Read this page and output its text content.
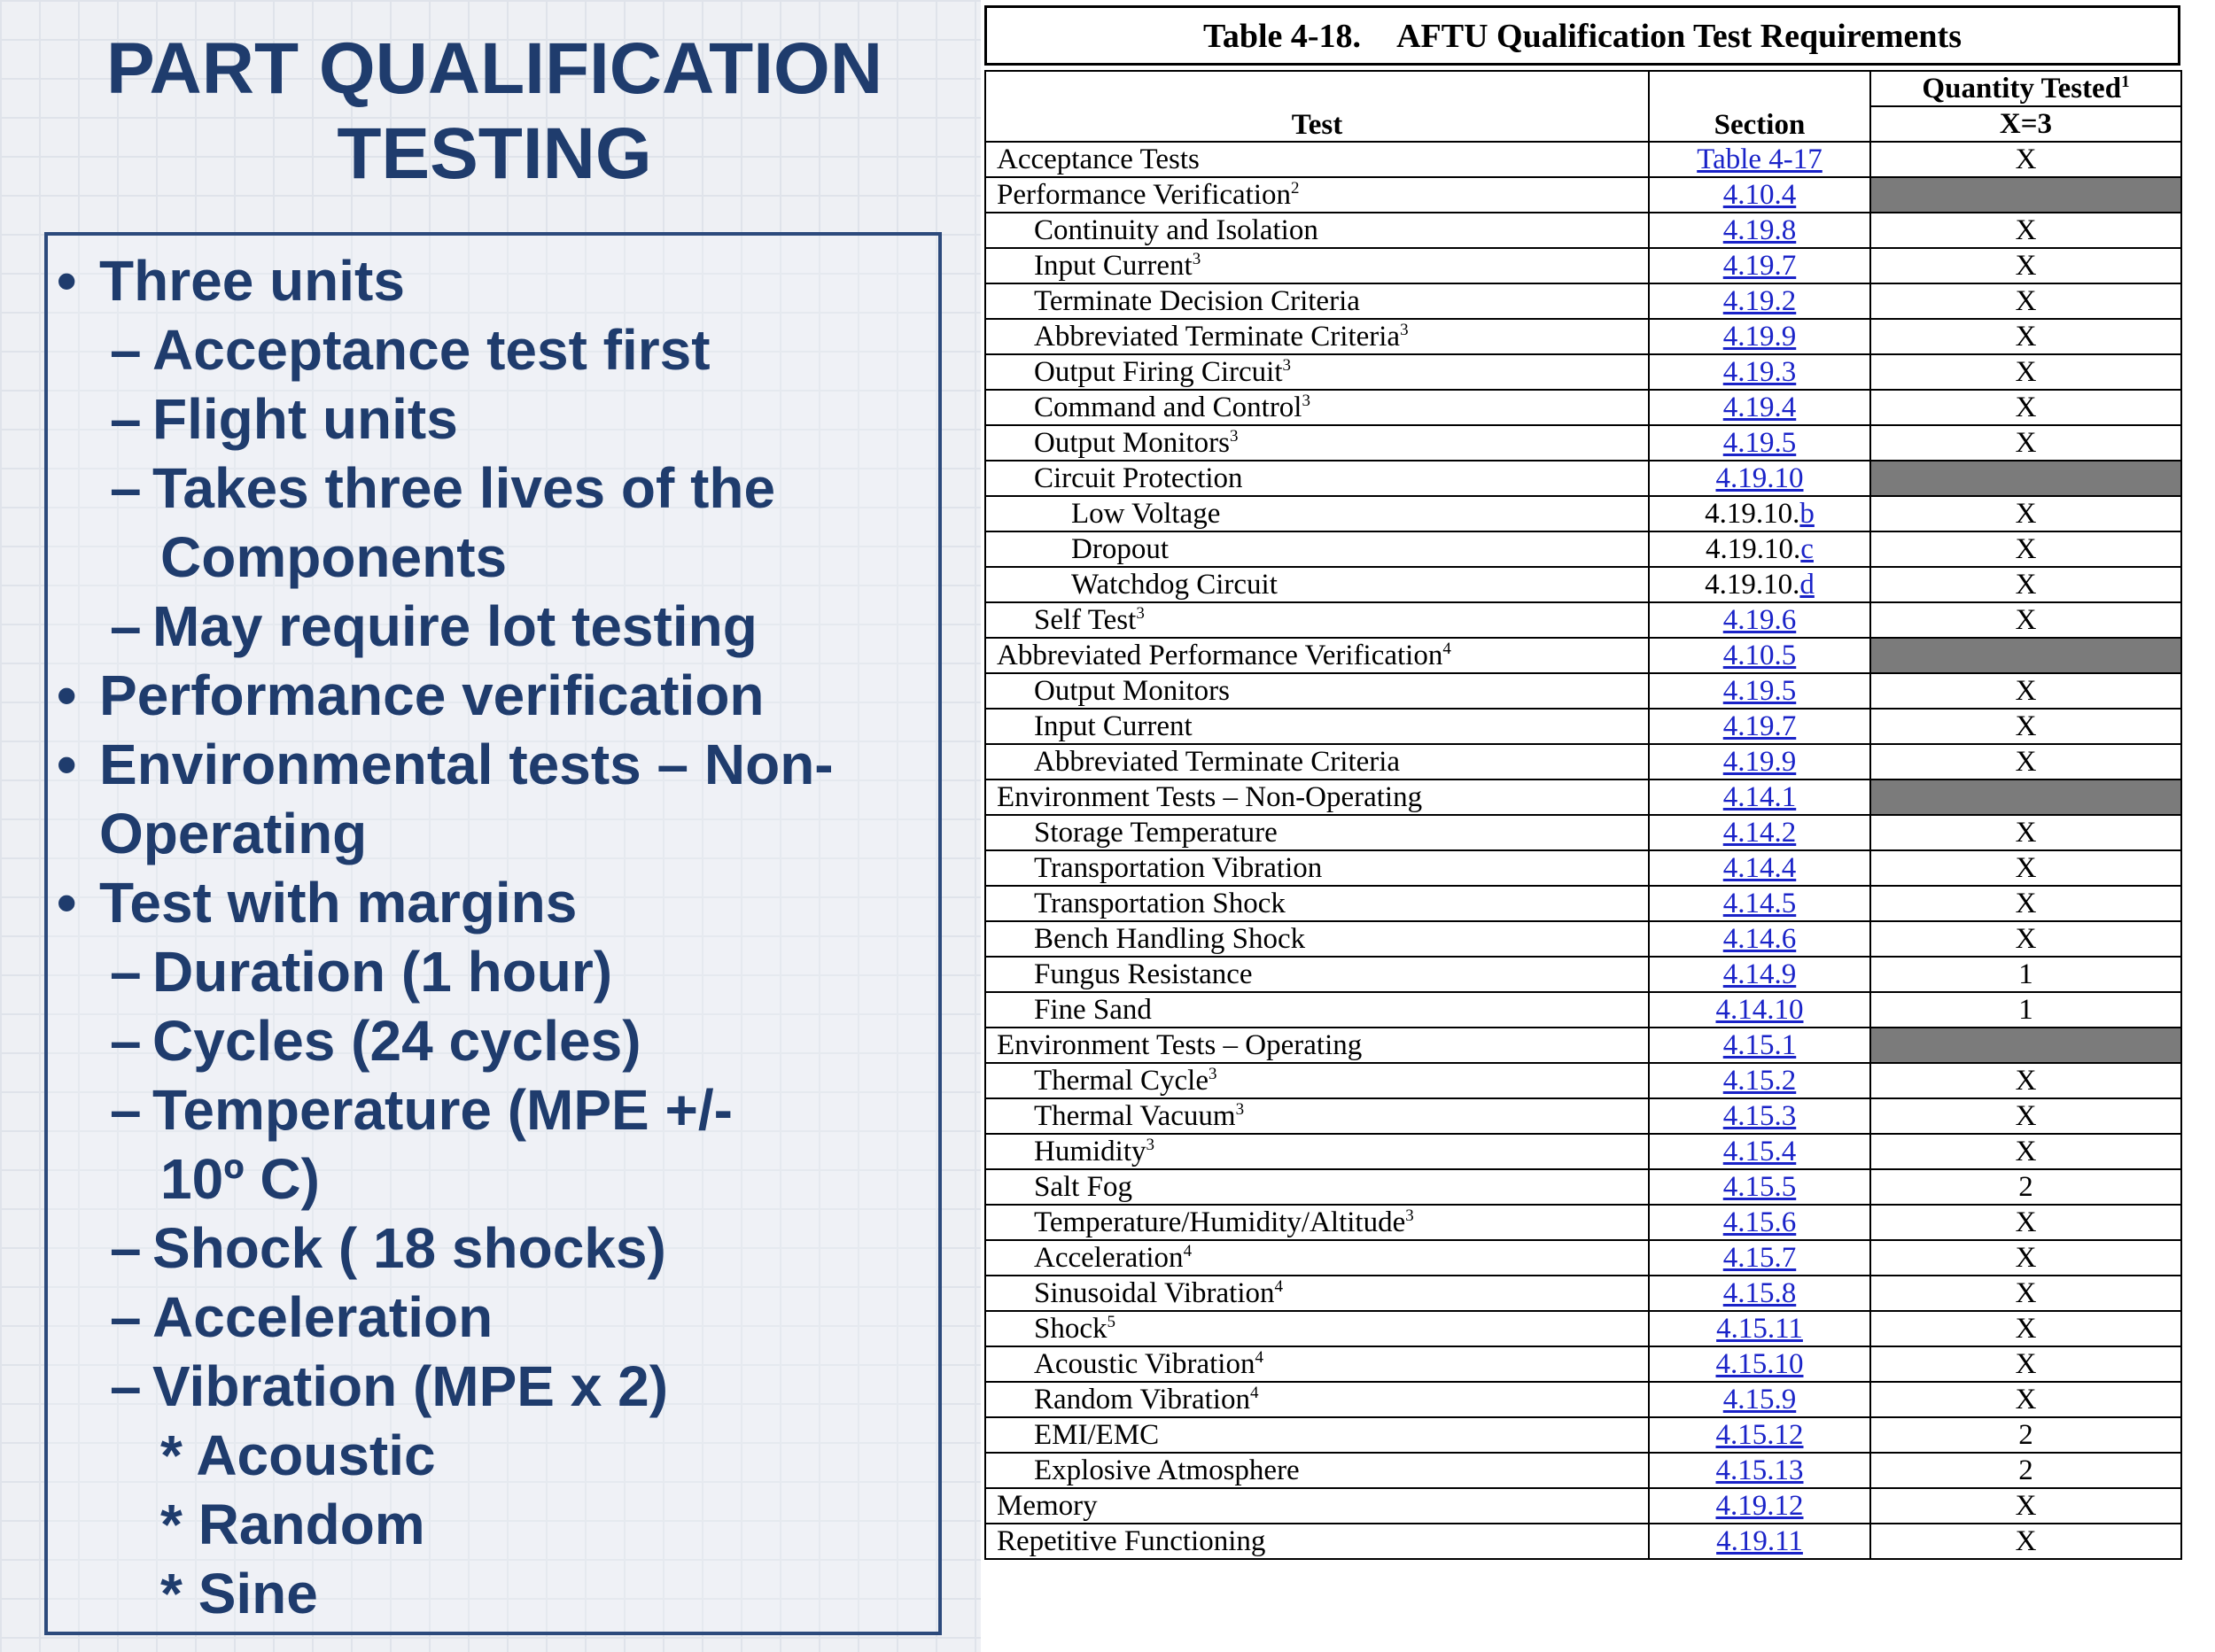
PART QUALIFICATION
TESTING
• Three units
– Acceptance test first
– Flight units
– Takes three lives of the
Components
– May require lot testing
• Performance verification
• Environmental tests – Non-
Operating
• Test with margins
– Duration (1 hour)
– Cycles (24 cycles)
– Temperature (MPE +/-
10º C)
– Shock ( 18 shocks)
– Acceleration
– Vibration (MPE x 2)
* Acoustic
* Random
* Sine
Table 4-18. AFTU Qualification Test Requirements
Test	Section	Quantity Tested$^1$
		X=3
Acceptance Tests	Table 4-17	X
Performance Verification$^2$	4.10.4	
Continuity and Isolation	4.19.8	X
Input Current$^3$	4.19.7	X
Terminate Decision Criteria	4.19.2	X
Abbreviated Terminate Criteria$^3$	4.19.9	X
Output Firing Circuit$^3$	4.19.3	X
Command and Control$^3$	4.19.4	X
Output Monitors$^3$	4.19.5	X
Circuit Protection	4.19.10	
Low Voltage	4.19.10.b	X
Dropout	4.19.10.c	X
Watchdog Circuit	4.19.10.d	X
Self Test$^3$	4.19.6	X
Abbreviated Performance Verification$^4$	4.10.5	
Output Monitors	4.19.5	X
Input Current	4.19.7	X
Abbreviated Terminate Criteria	4.19.9	X
Environment Tests – Non-Operating	4.14.1	
Storage Temperature	4.14.2	X
Transportation Vibration	4.14.4	X
Transportation Shock	4.14.5	X
Bench Handling Shock	4.14.6	X
Fungus Resistance	4.14.9	1
Fine Sand	4.14.10	1
Environment Tests – Operating	4.15.1	
Thermal Cycle$^3$	4.15.2	X
Thermal Vacuum$^3$	4.15.3	X
Humidity$^3$	4.15.4	X
Salt Fog	4.15.5	2
Temperature/Humidity/Altitude$^3$	4.15.6	X
Acceleration$^4$	4.15.7	X
Sinusoidal Vibration$^4$	4.15.8	X
Shock$^5$	4.15.11	X
Acoustic Vibration$^4$	4.15.10	X
Random Vibration$^4$	4.15.9	X
EMI/EMC	4.15.12	2
Explosive Atmosphere	4.15.13	2
Memory	4.19.12	X
Repetitive Functioning	4.19.11	X
